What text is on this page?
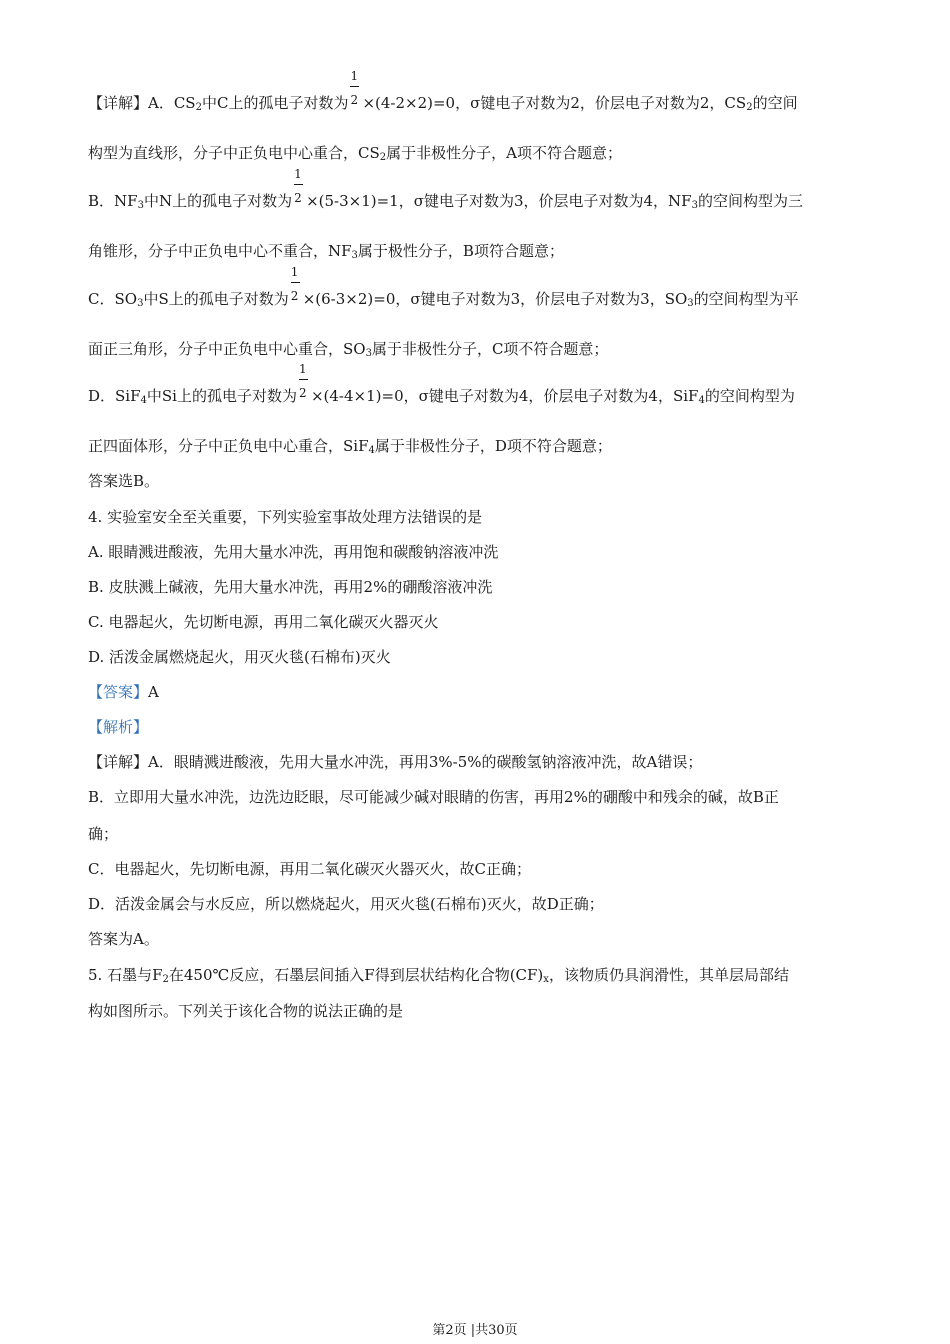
【详解】A．$CS_2$中C上的孤电子对数为 $\frac{1}{2} \times(4-2\times 2)=0$，σ键电子对数为2，价层电子对数为2，$CS_2$的空间
构型为直线形，分子中正负电中心重合，$CS_2$属于非极性分子，A项不符合题意；
B．$NF_3$中N上的孤电子对数为 $\frac{1}{2} \times(5-3\times 1)=1$，σ键电子对数为3，价层电子对数为4，$NF_3$的空间构型为三
角锥形，分子中正负电中心不重合，$NF_3$属于极性分子，B项符合题意；
C．$SO_3$中S上的孤电子对数为 $\frac{1}{2} \times(6-3\times 2)=0$，σ键电子对数为3，价层电子对数为3，$SO_3$的空间构型为平
面正三角形，分子中正负电中心重合，$SO_3$属于非极性分子，C项不符合题意；
D．SiF$_4$中Si上的孤电子对数为 $\frac{1}{2} \times(4-4\times 1)=0$，σ键电子对数为4，价层电子对数为4，SiF$_4$的空间构型为
正四面体形，分子中正负电中心重合，SiF$_4$属于非极性分子，D项不符合题意；
答案选B。
4. 实验室安全至关重要，下列实验室事故处理方法错误的是
A. 眼睛溅进酸液，先用大量水冲洗，再用饱和碳酸钠溶液冲洗
B. 皮肤溅上碱液，先用大量水冲洗，再用2%的硼酸溶液冲洗
C. 电器起火，先切断电源，再用二氧化碳灭火器灭火
D. 活泼金属燃烧起火，用灭火毯(石棉布)灭火
【答案】A
【解析】
【详解】A．眼睛溅进酸液，先用大量水冲洗，再用3%-5%的碳酸氢钠溶液冲洗，故A错误；
B．立即用大量水冲洗，边洗边眨眼，尽可能减少碱对眼睛的伤害，再用2%的硼酸中和残余的碱，故B正
确；
C．电器起火，先切断电源，再用二氧化碳灭火器灭火，故C正确；
D．活泼金属会与水反应，所以燃烧起火，用灭火毯(石棉布)灭火，故D正确；
答案为A。
5. 石墨与$F_2$在450℃反应，石墨层间插入F得到层状结构化合物$(CF)_x$，该物质仍具润滑性，其单层局部结
构如图所示。下列关于该化合物的说法正确的是
第2页 |共30页
